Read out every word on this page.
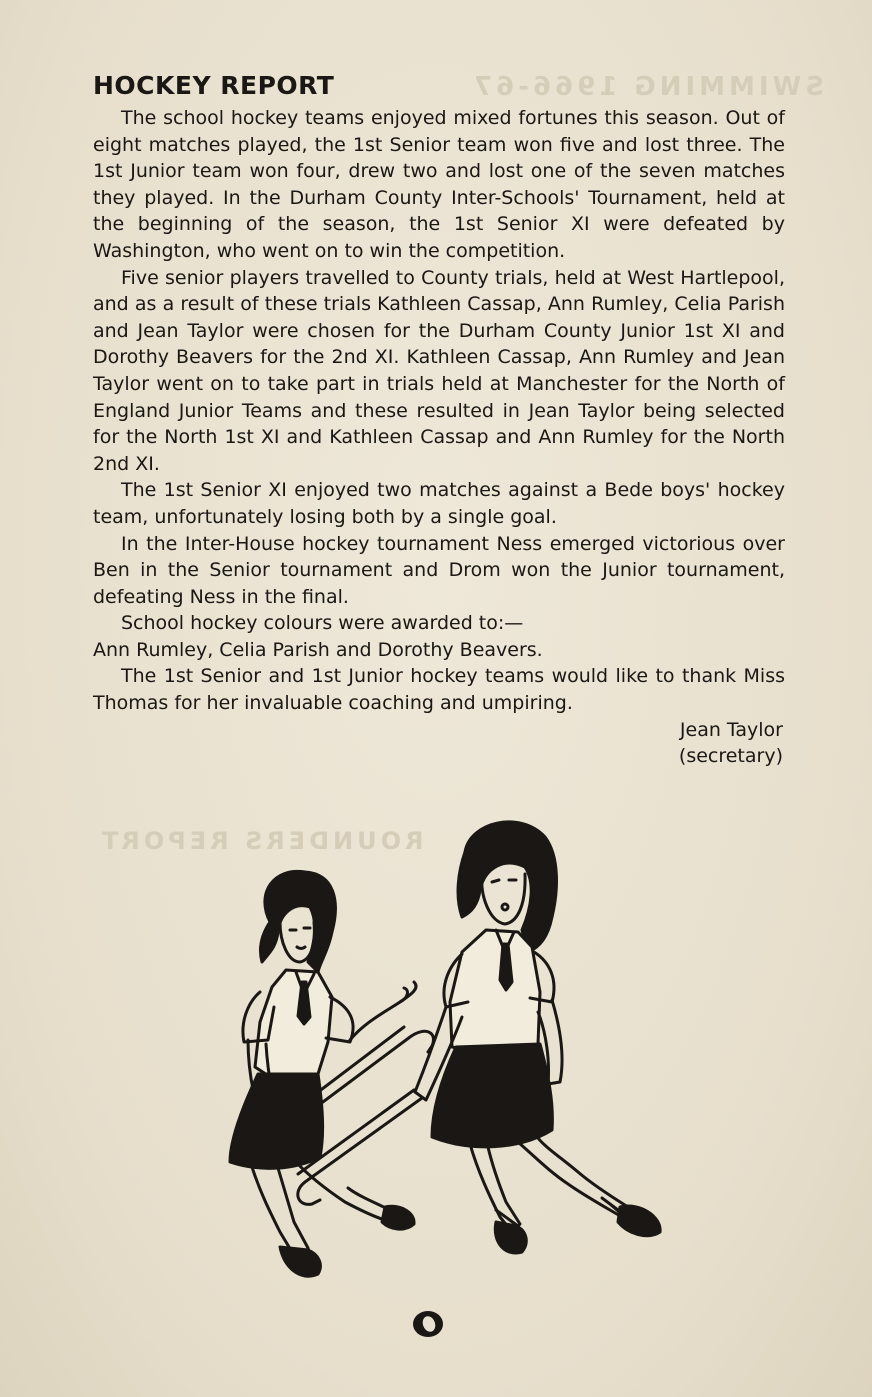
SWIMMING 1966-67
ROUNDERS REPORT
HOCKEY REPORT

The school hockey teams enjoyed mixed fortunes this season. Out of eight matches played, the 1st Senior team won five and lost three. The 1st Junior team won four, drew two and lost one of the seven matches they played. In the Durham County Inter-Schools' Tournament, held at the beginning of the season, the 1st Senior XI were defeated by Washington, who went on to win the competition.

Five senior players travelled to County trials, held at West Hartlepool, and as a result of these trials Kathleen Cassap, Ann Rumley, Celia Parish and Jean Taylor were chosen for the Durham County Junior 1st XI and Dorothy Beavers for the 2nd XI. Kathleen Cassap, Ann Rumley and Jean Taylor went on to take part in trials held at Manchester for the North of England Junior Teams and these resulted in Jean Taylor being selected for the North 1st XI and Kathleen Cassap and Ann Rumley for the North 2nd XI.

The 1st Senior XI enjoyed two matches against a Bede boys' hockey team, unfortunately losing both by a single goal.

In the Inter-House hockey tournament Ness emerged victorious over Ben in the Senior tournament and Drom won the Junior tournament, defeating Ness in the final.

School hockey colours were awarded to:—

Ann Rumley, Celia Parish and Dorothy Beavers.

The 1st Senior and 1st Junior hockey teams would like to thank Miss Thomas for her invaluable coaching and umpiring.

Jean Taylor
(secretary)
